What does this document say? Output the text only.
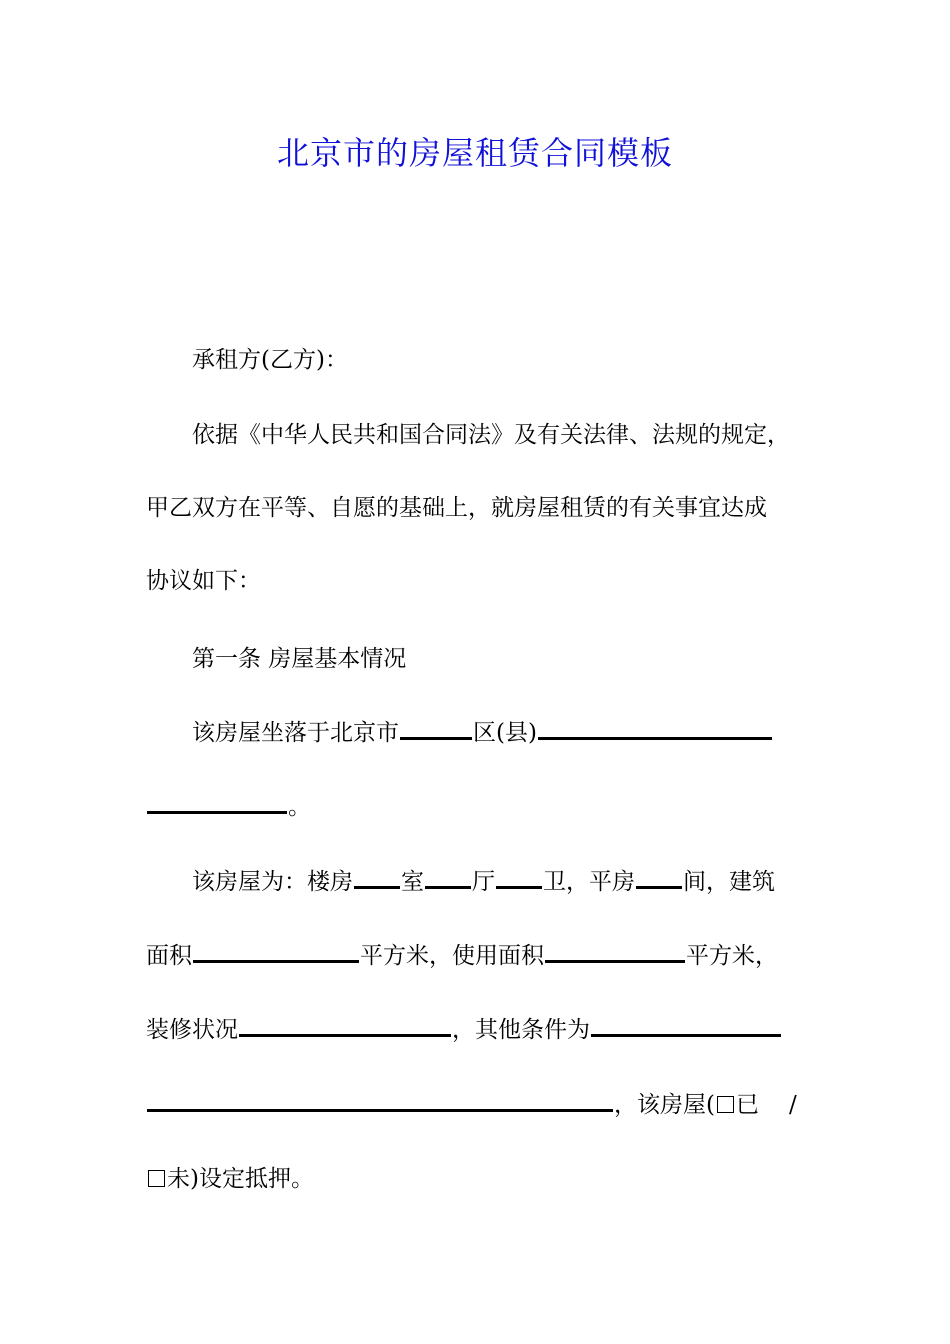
北京市的房屋租赁合同模板
承租方(乙方)：
依据《中华人民共和国合同法》及有关法律、法规的规定，
甲乙双方在平等、自愿的基础上，就房屋租赁的有关事宜达成
协议如下：
第一条 房屋基本情况
该房屋坐落于北京市	区(县)
。
该房屋为：楼房 室 厅 卫，平房 间，建筑
面积	平方米，使用面积	平方米，
装修状况	，其他条件为
，该房屋( 已 /
未)设定抵押。
